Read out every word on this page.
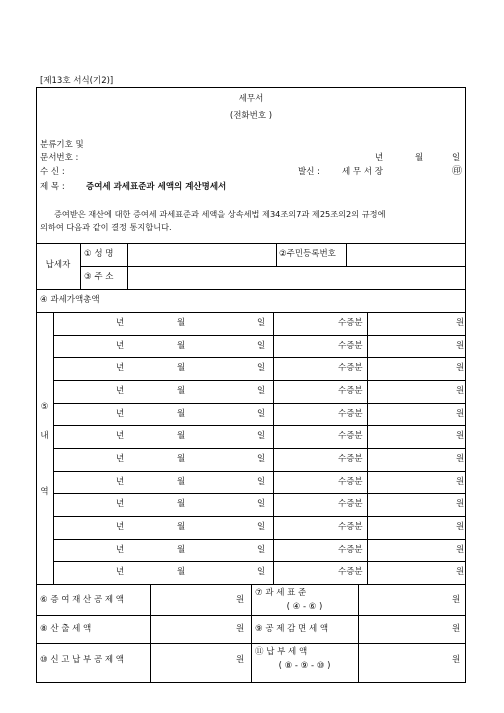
[제13호 서식(기2)]
세무서
(전화번호 )
분류기호 및
문서번호 :	년	월	일
수 신 :	발신 :	세 무 서 장	㊞
제 목 :	증여세 과세표준과 세액의 계산명세서
증여받은 재산에 대한 증여세 과세표준과 세액을 상속세법 제34조의7과 제25조의2의 규정에
의하여 다음과 같이 결정 통지합니다.
납세자
① 성 명	②주민등록번호
③ 주 소
④ 과세가액총액
⑤
내
역
년	월	일	수증분	원
년	월	일	수증분	원
년	월	일	수증분	원
년	월	일	수증분	원
년	월	일	수증분	원
년	월	일	수증분	원
년	월	일	수증분	원
년	월	일	수증분	원
년	월	일	수증분	원
년	월	일	수증분	원
년	월	일	수증분	원
년	월	일	수증분	원
⑥ 증 여 재 산 공 제 액	원
⑦ 과 세 표 준
( ④ - ⑥ )
원
⑧ 산 출 세 액	원 ⑨ 공 제 감 면 세 액	원
⑩ 신 고 납 부 공 제 액	원
⑪ 납 부 세 액
( ⑧ - ⑨ - ⑩ )
원
